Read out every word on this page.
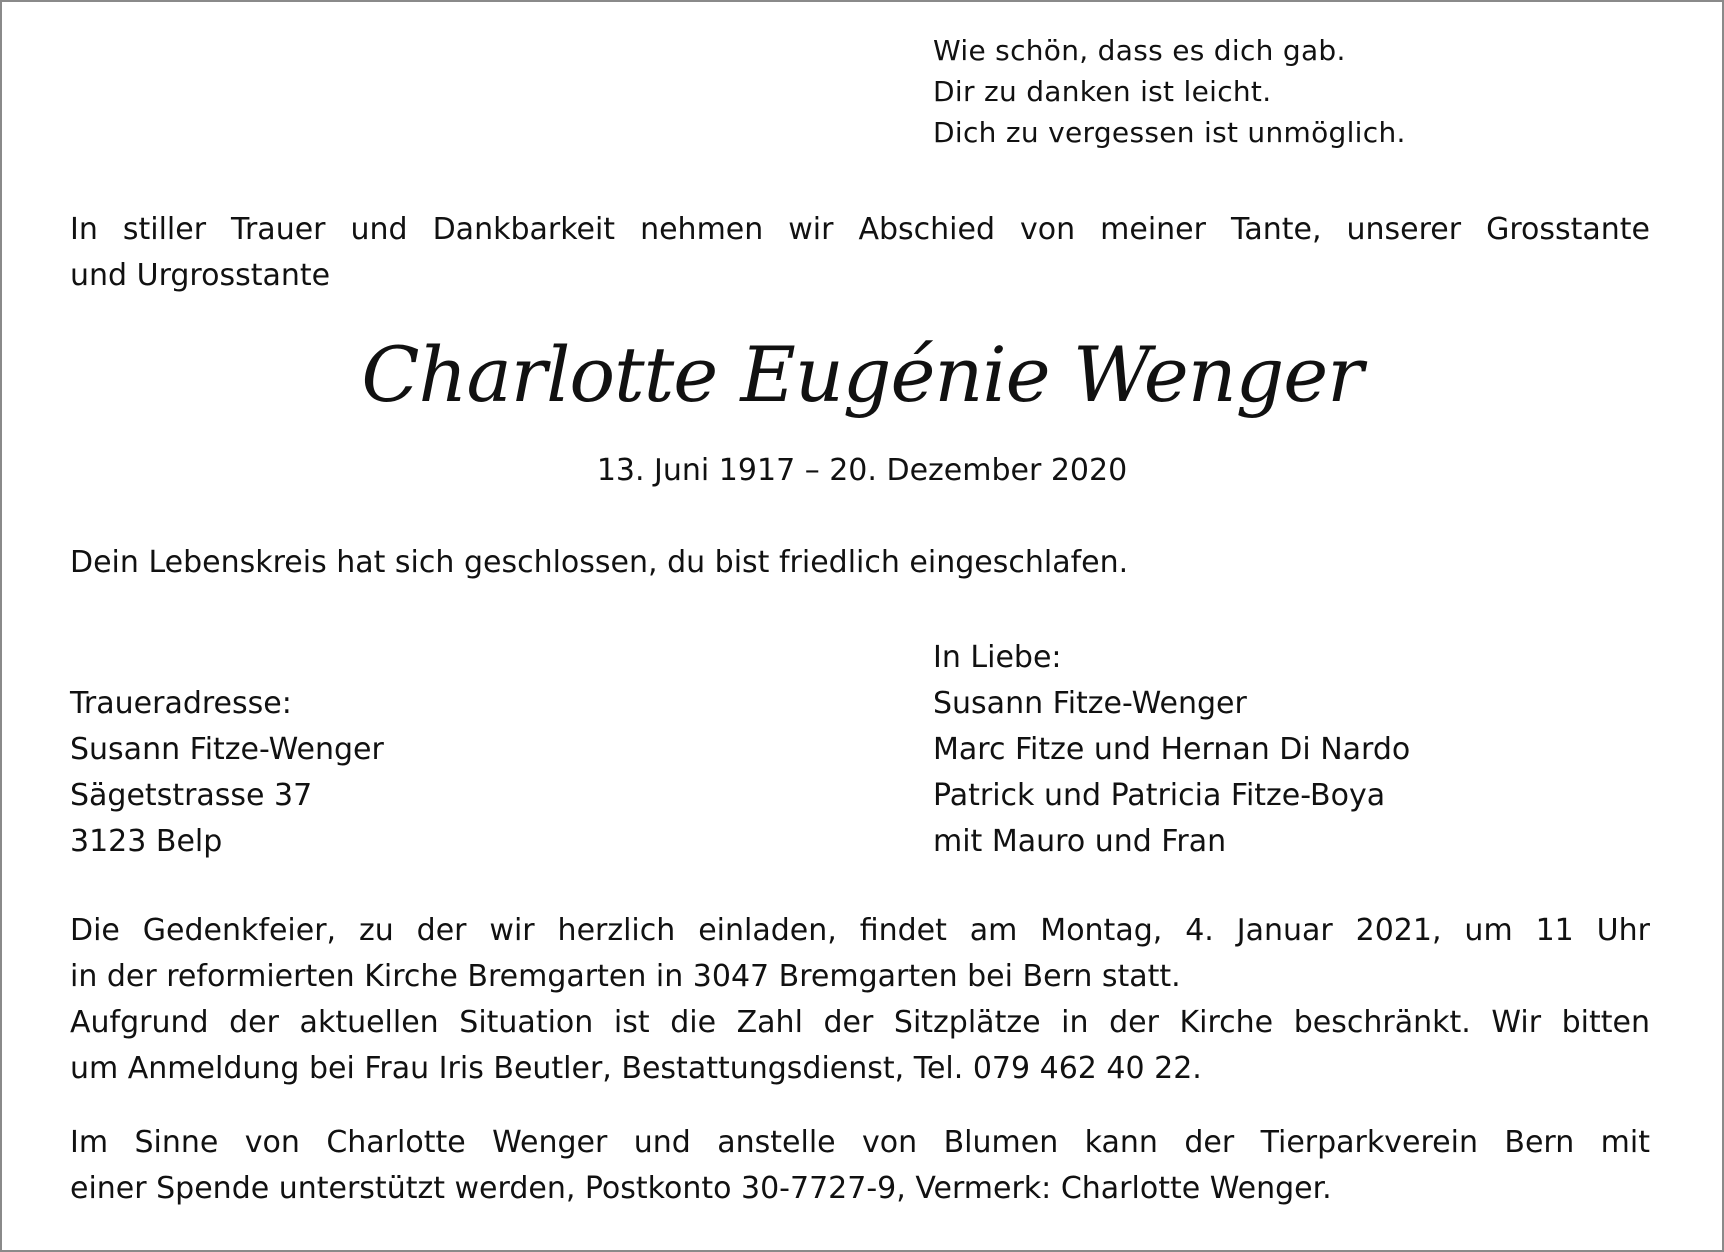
Wie schön, dass es dich gab.
Dir zu danken ist leicht.
Dich zu vergessen ist unmöglich.
In stiller Trauer und Dankbarkeit nehmen wir Abschied von meiner Tante, unserer Grosstante
und Urgrosstante
Charlotte Eugénie Wenger
13. Juni 1917 – 20. Dezember 2020
Dein Lebenskreis hat sich geschlossen, du bist friedlich eingeschlafen.
Traueradresse:
Susann Fitze-Wenger
Sägetstrasse 37
3123 Belp
In Liebe:
Susann Fitze-Wenger
Marc Fitze und Hernan Di Nardo
Patrick und Patricia Fitze-Boya
mit Mauro und Fran
Die Gedenkfeier, zu der wir herzlich einladen, findet am Montag, 4. Januar 2021, um 11 Uhr
in der reformierten Kirche Bremgarten in 3047 Bremgarten bei Bern statt.
Aufgrund der aktuellen Situation ist die Zahl der Sitzplätze in der Kirche beschränkt. Wir bitten
um Anmeldung bei Frau Iris Beutler, Bestattungsdienst, Tel. 079 462 40 22.
Im Sinne von Charlotte Wenger und anstelle von Blumen kann der Tierparkverein Bern mit
einer Spende unterstützt werden, Postkonto 30-7727-9, Vermerk: Charlotte Wenger.
